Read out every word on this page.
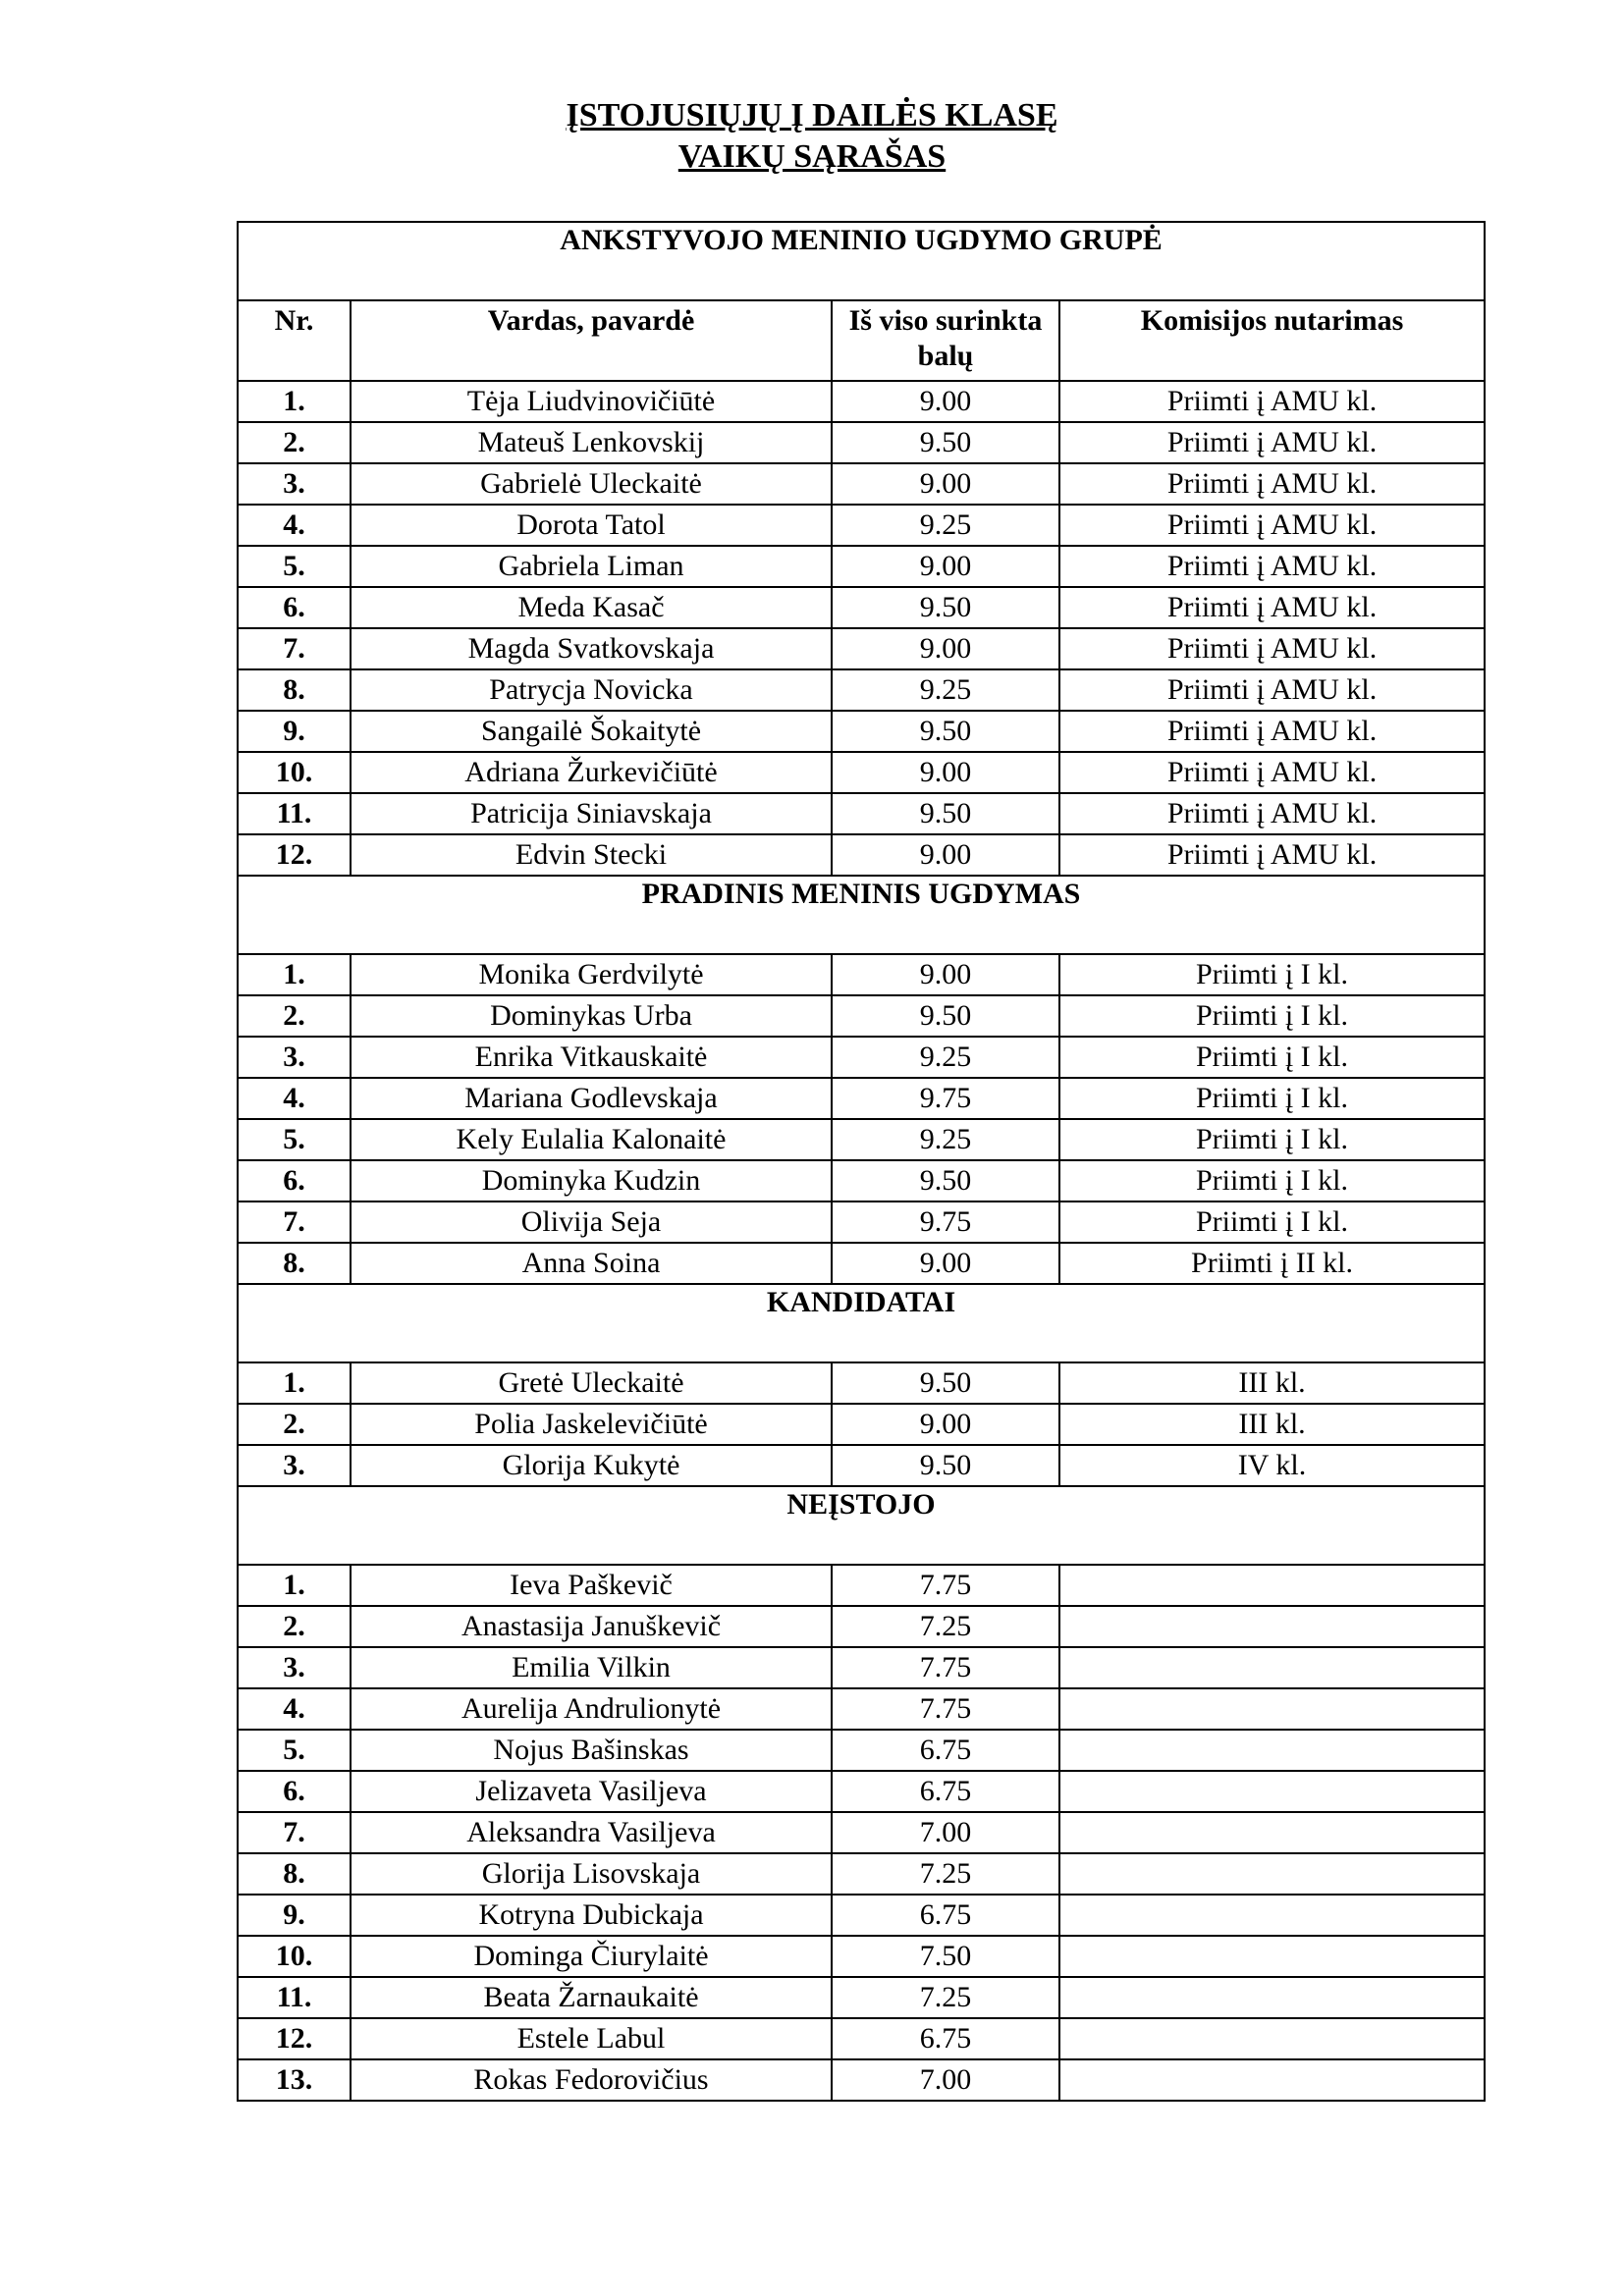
ĮSTOJUSIŲJŲ Į DAILĖS KLASĘ
VAIKŲ SĄRAŠAS
ANKSTYVOJO MENINIO UGDYMO GRUPĖ			
Nr.	Vardas, pavardė	Iš viso surinkta balų	Komisijos nutarimas
1.	Tėja Liudvinovičiūtė	9.00	Priimti į AMU kl.
2.	Mateuš Lenkovskij	9.50	Priimti į AMU kl.
3.	Gabrielė Uleckaitė	9.00	Priimti į AMU kl.
4.	Dorota Tatol	9.25	Priimti į AMU kl.
5.	Gabriela Liman	9.00	Priimti į AMU kl.
6.	Meda Kasač	9.50	Priimti į AMU kl.
7.	Magda Svatkovskaja	9.00	Priimti į AMU kl.
8.	Patrycja Novicka	9.25	Priimti į AMU kl.
9.	Sangailė Šokaitytė	9.50	Priimti į AMU kl.
10.	Adriana Žurkevičiūtė	9.00	Priimti į AMU kl.
11.	Patricija Siniavskaja	9.50	Priimti į AMU kl.
12.	Edvin Stecki	9.00	Priimti į AMU kl.
PRADINIS MENINIS UGDYMAS			
1.	Monika Gerdvilytė	9.00	Priimti į I kl.
2.	Dominykas Urba	9.50	Priimti į I kl.
3.	Enrika Vitkauskaitė	9.25	Priimti į I kl.
4.	Mariana Godlevskaja	9.75	Priimti į I kl.
5.	Kely Eulalia Kalonaitė	9.25	Priimti į I kl.
6.	Dominyka Kudzin	9.50	Priimti į I kl.
7.	Olivija Seja	9.75	Priimti į I kl.
8.	Anna Soina	9.00	Priimti į II kl.
KANDIDATAI			
1.	Gretė Uleckaitė	9.50	III kl.
2.	Polia Jaskelevičiūtė	9.00	III kl.
3.	Glorija Kukytė	9.50	IV kl.
NEĮSTOJO			
1.	Ieva Paškevič	7.75	
2.	Anastasija Januškevič	7.25	
3.	Emilia Vilkin	7.75	
4.	Aurelija Andrulionytė	7.75	
5.	Nojus Bašinskas	6.75	
6.	Jelizaveta Vasiljeva	6.75	
7.	Aleksandra Vasiljeva	7.00	
8.	Glorija Lisovskaja	7.25	
9.	Kotryna Dubickaja	6.75	
10.	Dominga Čiurylaitė	7.50	
11.	Beata Žarnaukaitė	7.25	
12.	Estele Labul	6.75	
13.	Rokas Fedorovičius	7.00	
